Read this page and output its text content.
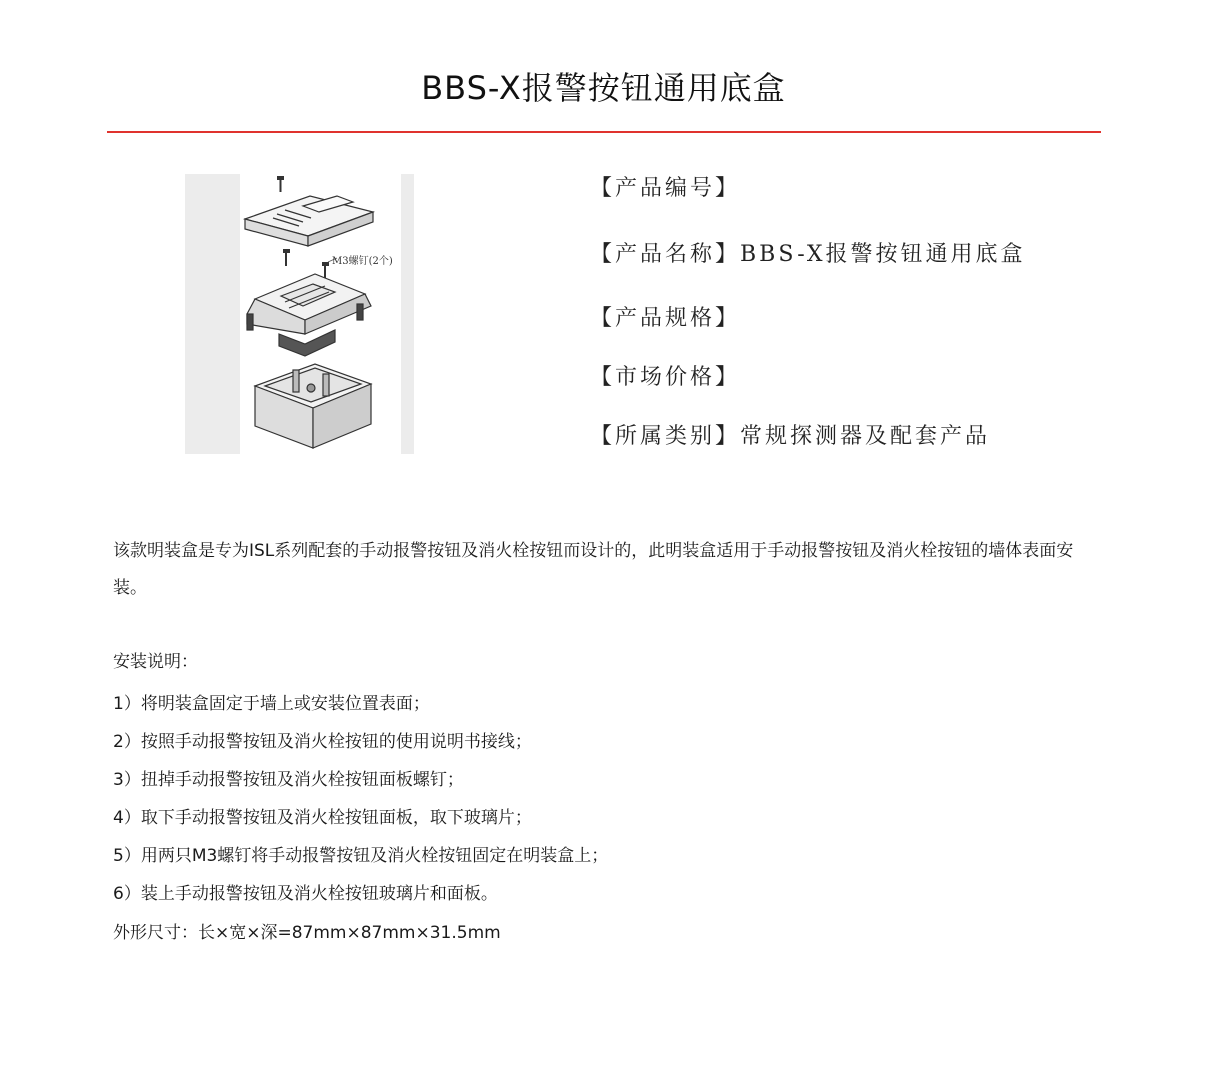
BBS-X报警按钮通用底盒
M3螺钉(2个)
【产品编号】
【产品名称】BBS-X报警按钮通用底盒
【产品规格】
【市场价格】
【所属类别】常规探测器及配套产品

该款明装盒是专为ISL系列配套的手动报警按钮及消火栓按钮而设计的，此明装盒适用于手动报警按钮及消火栓按钮的墙体表面安装。

安装说明：
1）将明装盒固定于墙上或安装位置表面；
2）按照手动报警按钮及消火栓按钮的使用说明书接线；
3）扭掉手动报警按钮及消火栓按钮面板螺钉；
4）取下手动报警按钮及消火栓按钮面板，取下玻璃片；
5）用两只M3螺钉将手动报警按钮及消火栓按钮固定在明装盒上；
6）装上手动报警按钮及消火栓按钮玻璃片和面板。
外形尺寸：长×宽×深=87mm×87mm×31.5mm
